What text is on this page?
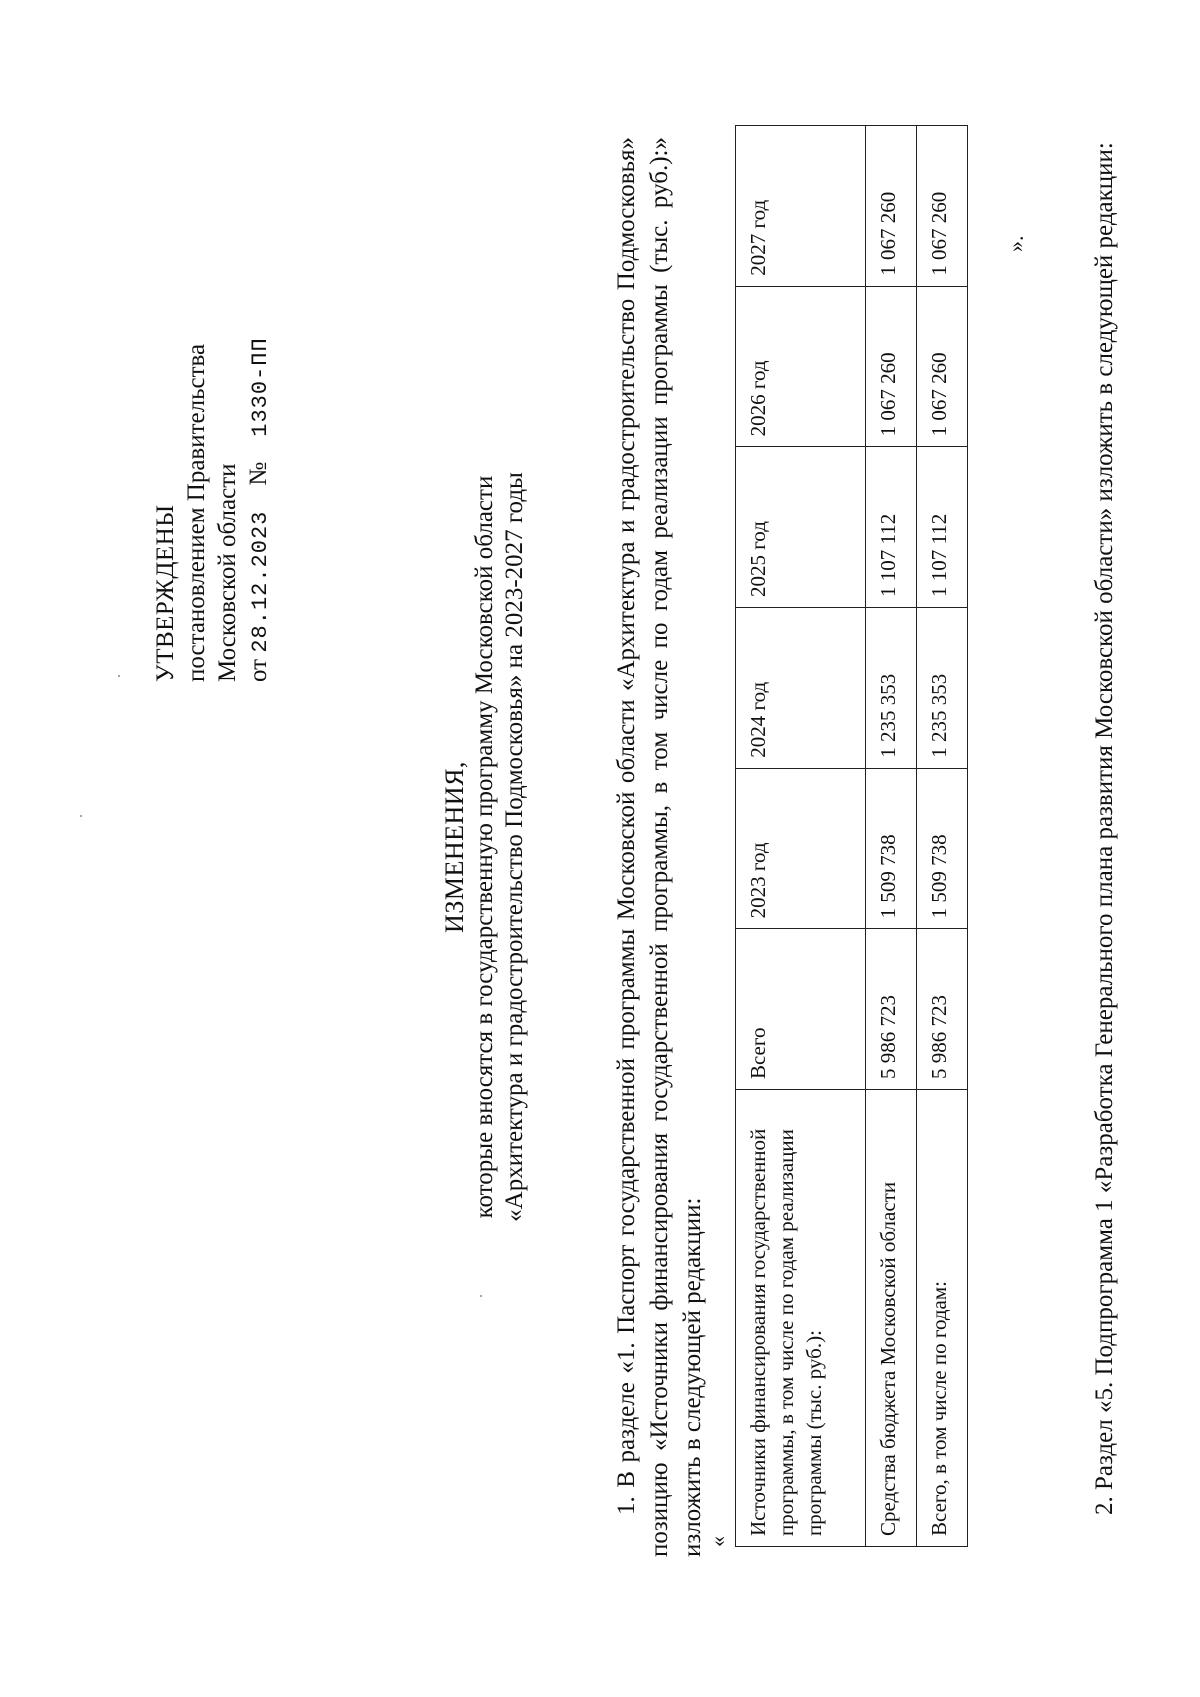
УТВЕРЖДЕНЫ постановлением Правительства Московской области от 28.12.2023    №    1330-ПП
ИЗМЕНЕНИЯ, которые вносятся в государственную программу Московской области «Архитектура и градостроительство Подмосковья» на 2023-2027 годы	1. В разделе «1. Паспорт государственной программы Московской области «Архитектура и градостроительство Подмосковья» позицию «Источники финансирования государственной программы, в том числе по годам реализации программы (тыс. руб.):» изложить в следующей редакции: «
Источники финансирования государственной программы, в том числе по годам реализации программы (тыс. руб.):	Всего	2023 год	2024 год	2025 год	2026 год	2027 год
Средства бюджета Московской области	5 986 723	1 509 738	1 235 353	1 107 112	1 067 260	1 067 260
Всего, в том числе по годам:	5 986 723	1 509 738	1 235 353	1 107 112	1 067 260	1 067 260 ».	2. Раздел «5. Подпрограмма 1 «Разработка Генерального плана развития Московской области» изложить в следующей редакции:
